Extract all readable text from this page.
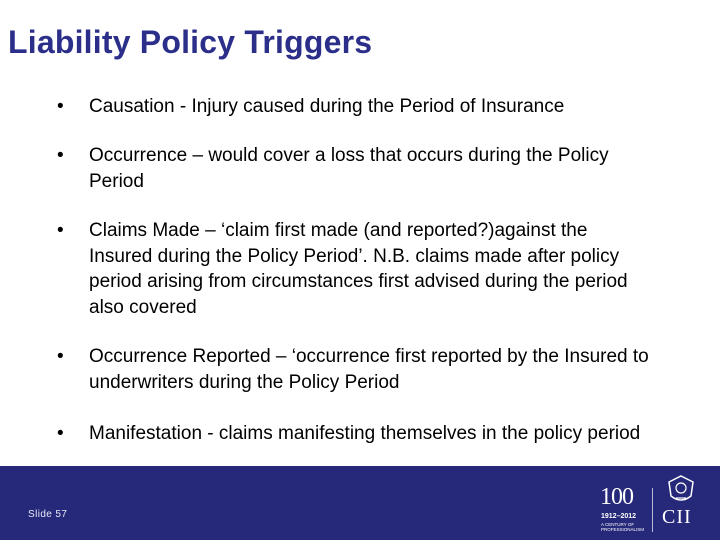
Liability Policy Triggers
• Causation - Injury caused during the Period of Insurance
• Occurrence – would cover a loss that occurs during the Policy
Period
• Claims Made – ‘claim first made (and reported?)against the
Insured during the Policy Period’. N.B. claims made after policy
period arising from circumstances first advised during the period
also covered
• Occurrence Reported – ‘occurrence first reported by the Insured to
underwriters during the Policy Period
• Manifestation - claims manifesting themselves in the policy period
Slide 57
100
1912–2012
A CENTURY OF PROFESSIONALISM
CII
